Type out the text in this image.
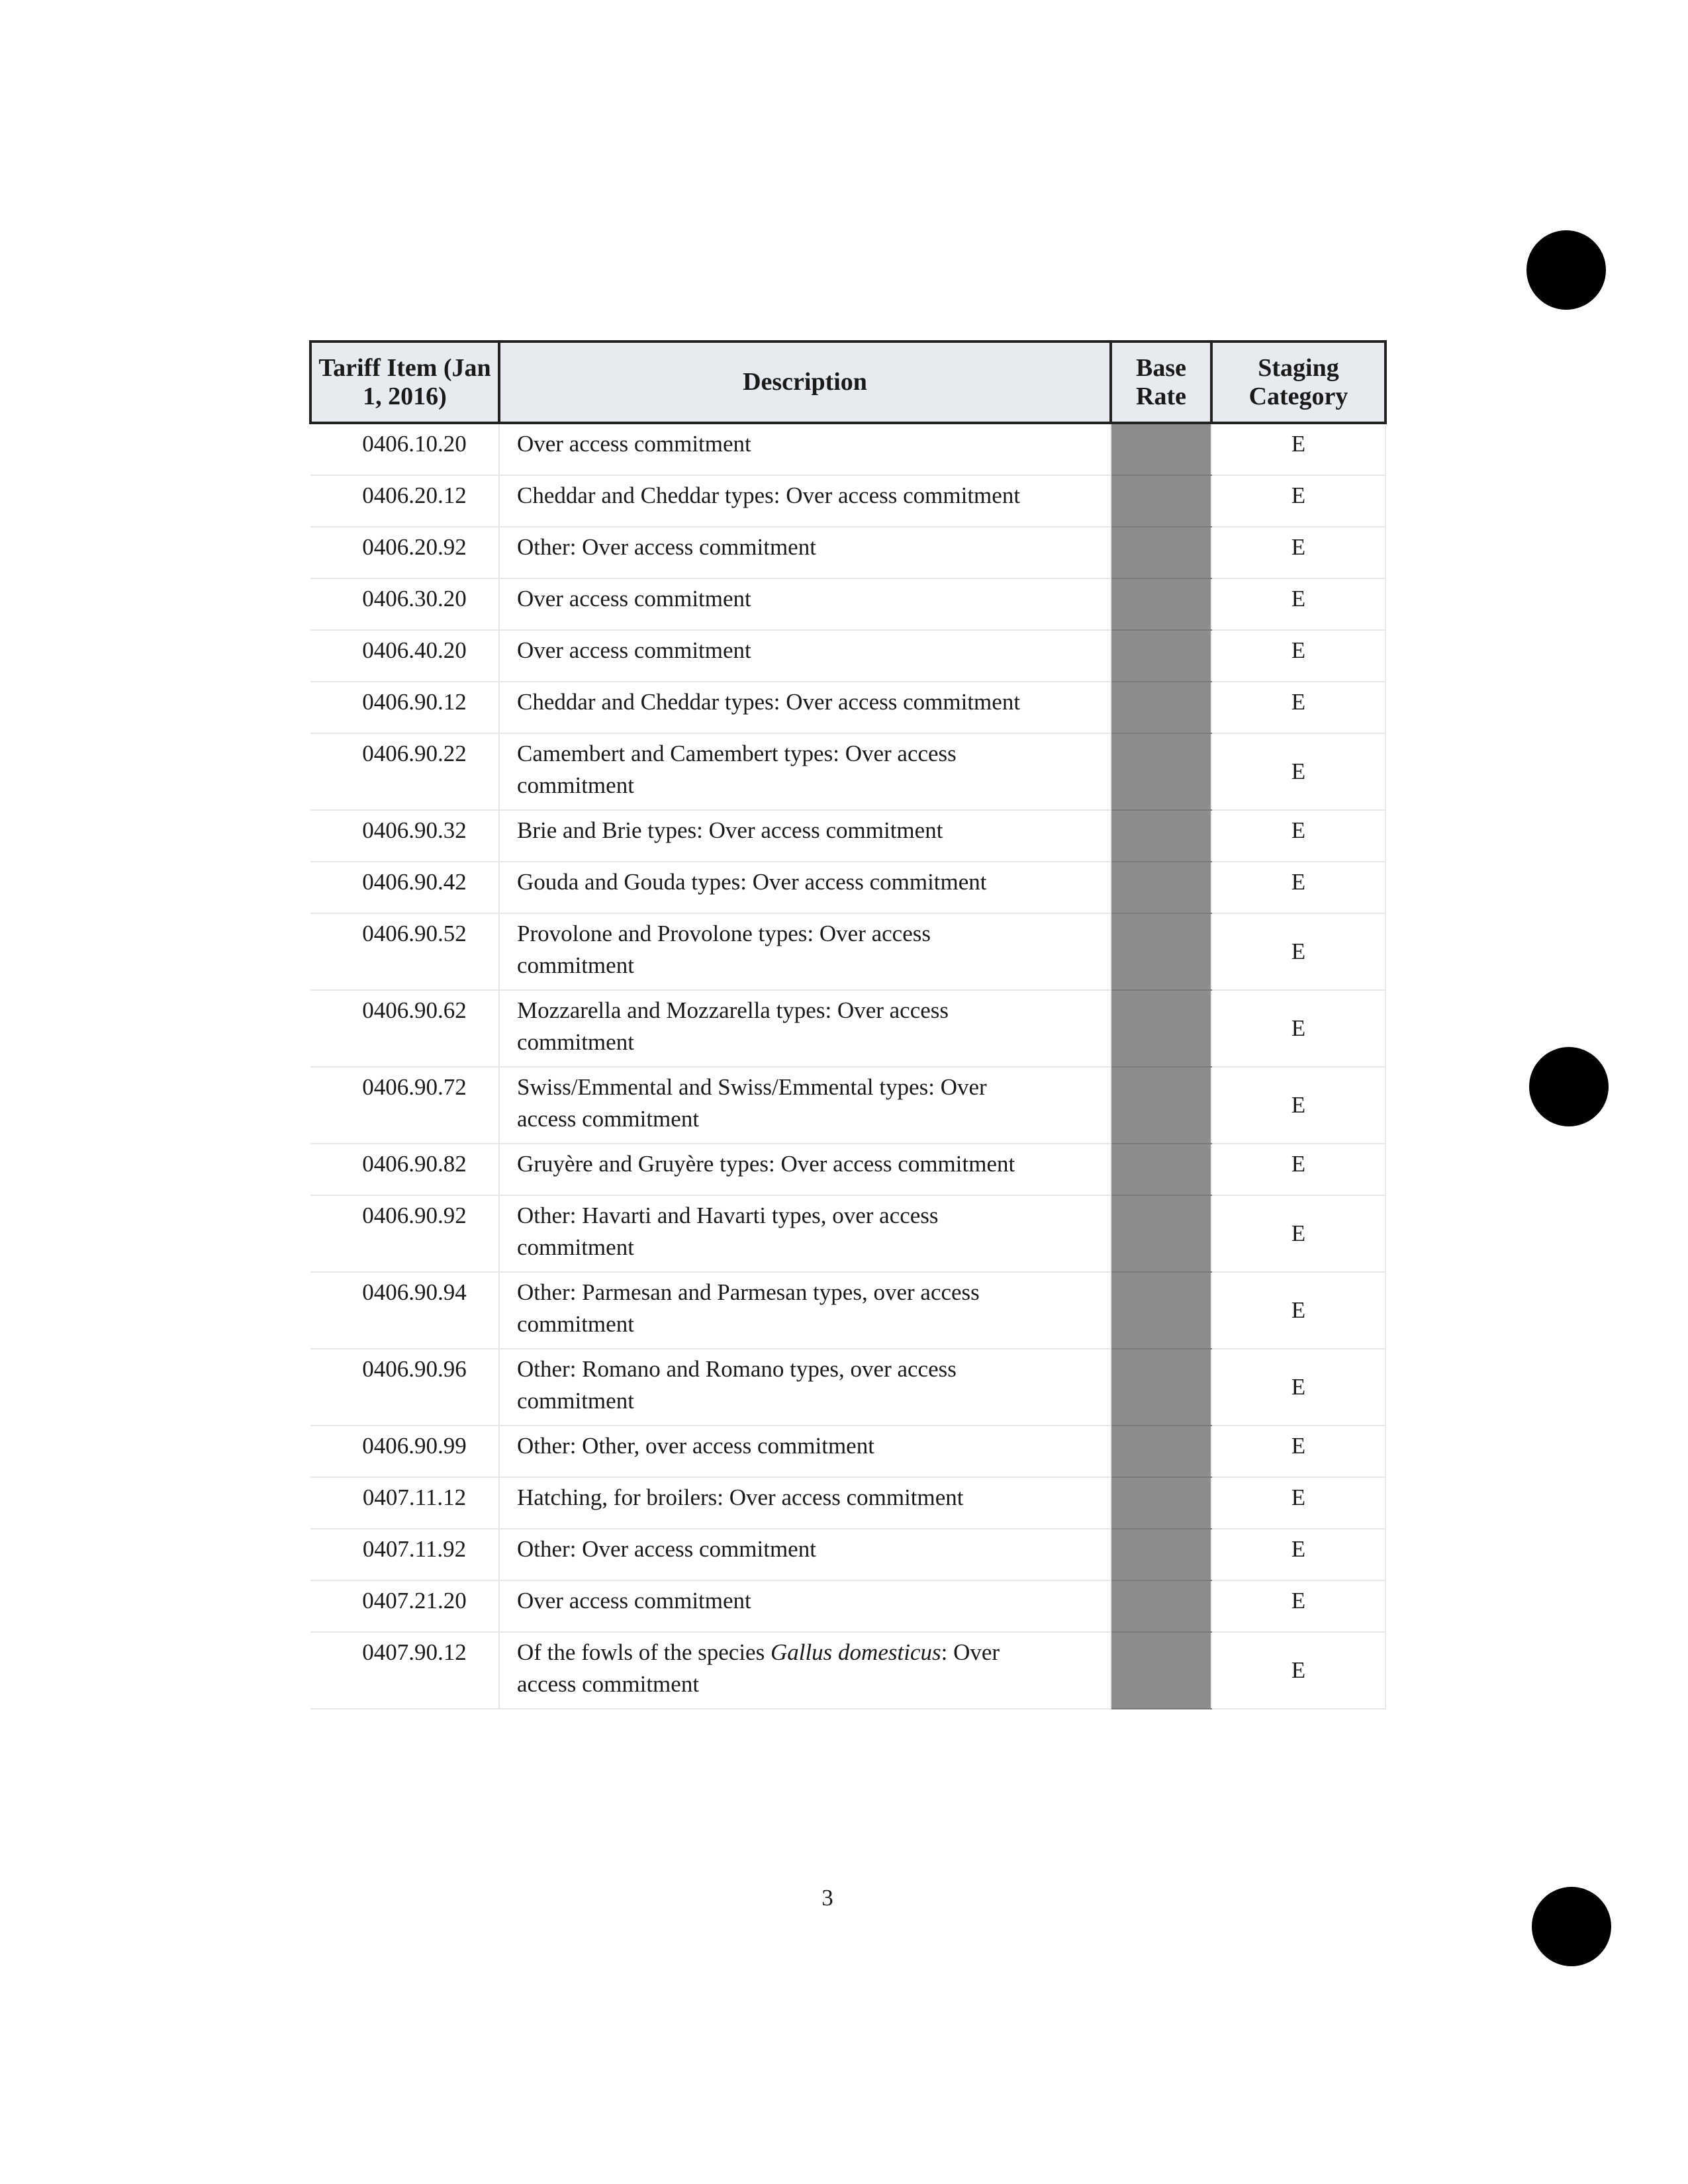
Tariff Item (Jan 1, 2016)	Description	Base Rate	Staging Category
0406.10.20	Over access commitment		E
0406.20.12	Cheddar and Cheddar types: Over access commitment		E
0406.20.92	Other: Over access commitment		E
0406.30.20	Over access commitment		E
0406.40.20	Over access commitment		E
0406.90.12	Cheddar and Cheddar types: Over access commitment		E
0406.90.22	Camembert and Camembert types: Over access
commitment		E
0406.90.32	Brie and Brie types: Over access commitment		E
0406.90.42	Gouda and Gouda types: Over access commitment		E
0406.90.52	Provolone and Provolone types: Over access
commitment		E
0406.90.62	Mozzarella and Mozzarella types: Over access
commitment		E
0406.90.72	Swiss/Emmental and Swiss/Emmental types: Over
access commitment		E
0406.90.82	Gruyère and Gruyère types: Over access commitment		E
0406.90.92	Other: Havarti and Havarti types, over access
commitment		E
0406.90.94	Other: Parmesan and Parmesan types, over access
commitment		E
0406.90.96	Other: Romano and Romano types, over access
commitment		E
0406.90.99	Other: Other, over access commitment		E
0407.11.12	Hatching, for broilers: Over access commitment		E
0407.11.92	Other: Over access commitment		E
0407.21.20	Over access commitment		E
0407.90.12	Of the fowls of the species Gallus domesticus: Over
access commitment		E
3
